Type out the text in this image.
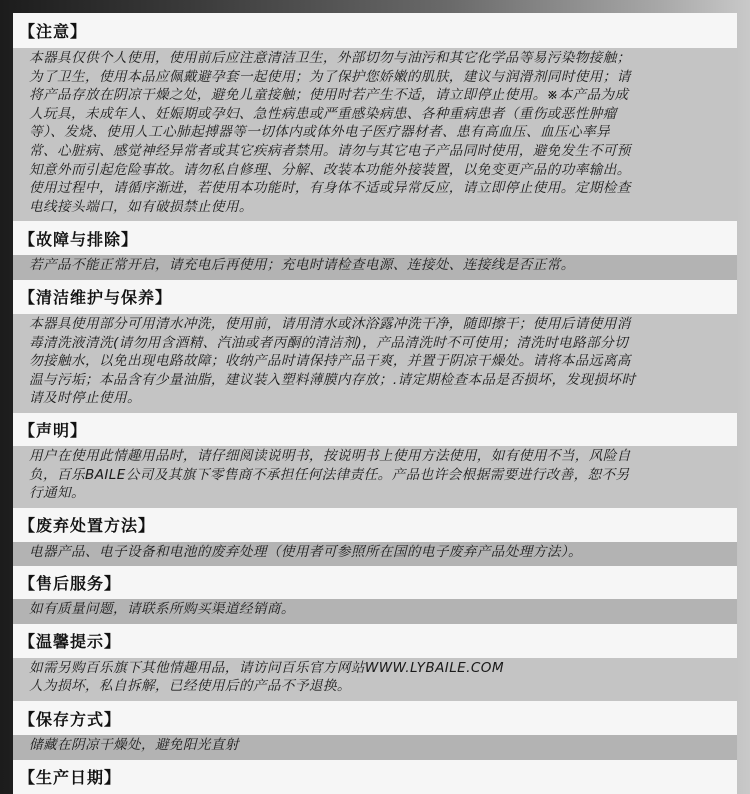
【注意】
本器具仅供个人使用，使用前后应注意清洁卫生，外部切勿与油污和其它化学品等易污染物接触；
为了卫生，使用本品应佩戴避孕套一起使用；为了保护您娇嫩的肌肤，建议与润滑剂同时使用；请
将产品存放在阴凉干燥之处，避免儿童接触；使用时若产生不适，请立即停止使用。※本产品为成
人玩具，未成年人、妊娠期或孕妇、急性病患或严重感染病患、各种重病患者（重伤或恶性肿瘤
等）、发烧、使用人工心肺起搏器等一切体内或体外电子医疗器材者、患有高血压、血压心率异
常、心脏病、感觉神经异常者或其它疾病者禁用。请勿与其它电子产品同时使用，避免发生不可预
知意外而引起危险事故。请勿私自修理、分解、改装本功能外接装置，以免变更产品的功率输出。
使用过程中，请循序渐进，若使用本功能时，有身体不适或异常反应，请立即停止使用。定期检查
电线接头端口，如有破损禁止使用。
【故障与排除】
若产品不能正常开启，请充电后再使用；充电时请检查电源、连接处、连接线是否正常。
【清洁维护与保养】
本器具使用部分可用清水冲洗，使用前，请用清水或沐浴露冲洗干净，随即擦干；使用后请使用消
毒清洗液清洗(请勿用含酒精、汽油或者丙酮的清洁剂)，产品清洗时不可使用；清洗时电路部分切
勿接触水，以免出现电路故障；收纳产品时请保持产品干爽，并置于阴凉干燥处。请将本品远离高
温与污垢；本品含有少量油脂，建议装入塑料薄膜内存放；.请定期检查本品是否损坏，发现损坏时
请及时停止使用。
【声明】
用户在使用此情趣用品时，请仔细阅读说明书，按说明书上使用方法使用，如有使用不当，风险自
负，百乐BAILE公司及其旗下零售商不承担任何法律责任。产品也许会根据需要进行改善，恕不另
行通知。
【废弃处置方法】
电器产品、电子设备和电池的废弃处理（使用者可参照所在国的电子废弃产品处理方法）。
【售后服务】
如有质量问题，请联系所购买渠道经销商。
【温馨提示】
如需另购百乐旗下其他情趣用品，请访问百乐官方网站WWW.LYBAILE.COM
人为损坏，私自拆解，已经使用后的产品不予退换。
【保存方式】
储藏在阴凉干燥处，避免阳光直射
【生产日期】
